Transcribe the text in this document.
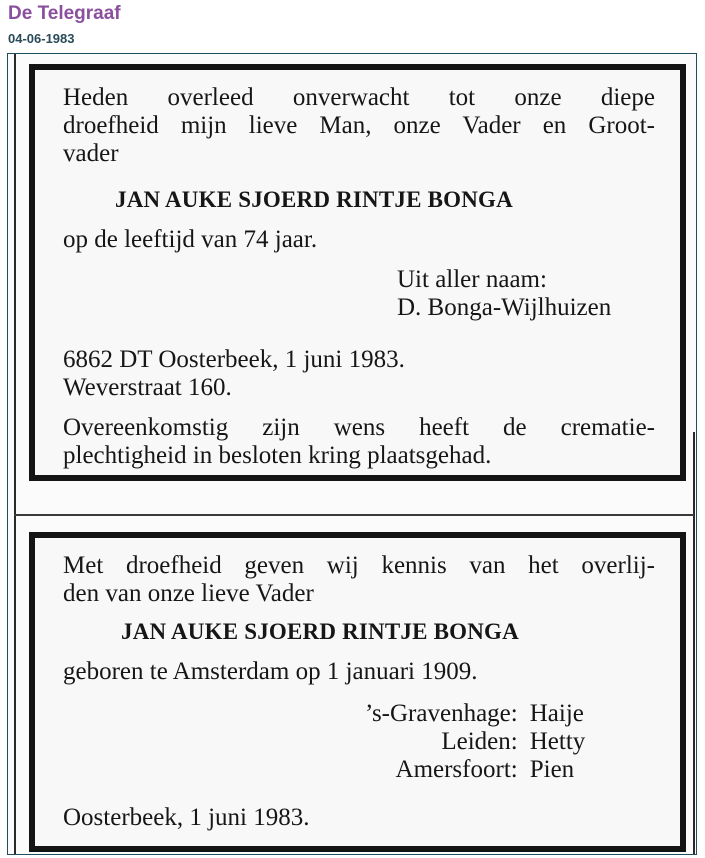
De Telegraaf
04-06-1983

Heden overleed onverwacht tot onze diepe

droefheid mijn lieve Man, onze Vader en Groot-

vader

JAN AUKE SJOERD RINTJE BONGA

op de leeftijd van 74 jaar.

Uit aller naam:

D. Bonga-Wijlhuizen

6862 DT Oosterbeek, 1 juni 1983.

Weverstraat 160.

Overeenkomstig zijn wens heeft de crematie-

plechtigheid in besloten kring plaatsgehad.

Met droefheid geven wij kennis van het overlij-

den van onze lieve Vader

JAN AUKE SJOERD RINTJE BONGA

geboren te Amsterdam op 1 januari 1909.

’s-Gravenhage:	Haije
Leiden:	Hetty
Amersfoort:	Pien

Oosterbeek, 1 juni 1983.
